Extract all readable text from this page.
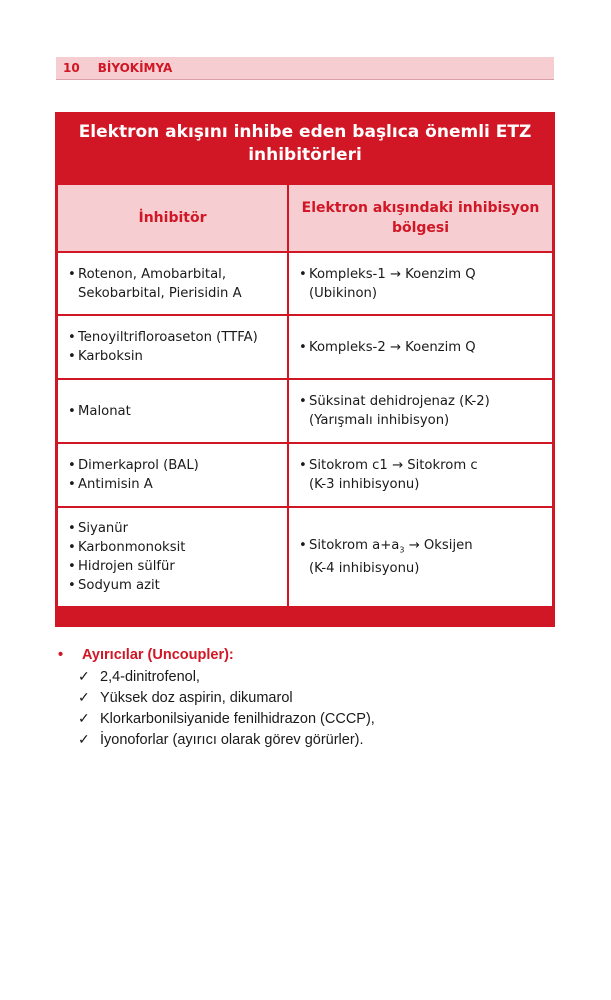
10 BİYOKİMYA
Elektron akışını inhibe eden başlıca önemli ETZ
inhibitörleri
İnhibitör
Elektron akışındaki inhibisyon
bölgesi
• Rotenon, Amobarbital,
Sekobarbital, Pierisidin A
• Kompleks-1 → Koenzim Q
(Ubikinon)
• Tenoyiltrifloroaseton (TTFA)
• Karboksin
• Kompleks-2 → Koenzim Q
• Malonat
• Süksinat dehidrojenaz (K-2)
(Yarışmalı inhibisyon)
• Dimerkaprol (BAL)
• Antimisin A
• Sitokrom c1 → Sitokrom c
(K-3 inhibisyonu)
• Siyanür
• Karbonmonoksit
• Hidrojen sülfür
• Sodyum azit
• Sitokrom $a+a_3$ → Oksijen
(K-4 inhibisyonu)
•	Ayırıcılar (Uncoupler):
✓ 2,4-dinitrofenol,
✓ Yüksek doz aspirin, dikumarol
✓ Klorkarbonilsiyanide fenilhidrazon (CCCP),
✓ İyonoforlar (ayırıcı olarak görev görürler).
